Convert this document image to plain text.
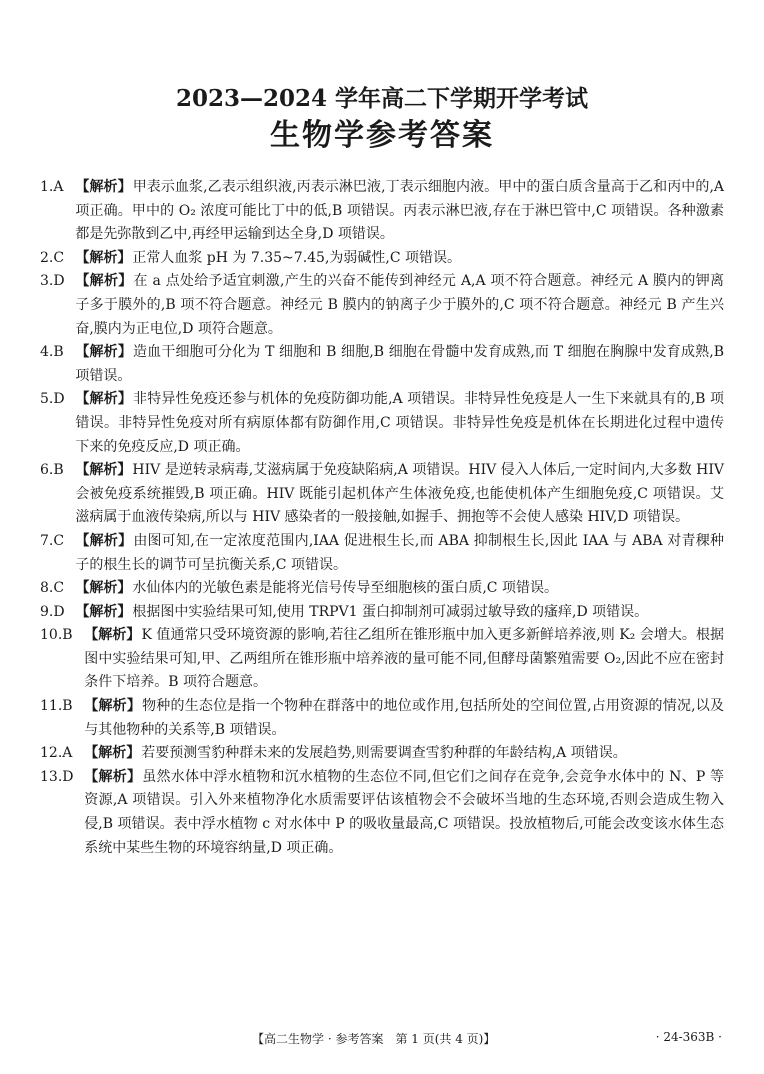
2023—2024 学年高二下学期开学考试
生物学参考答案
1.A 【解析】甲表示血浆,乙表示组织液,丙表示淋巴液,丁表示细胞内液。甲中的蛋白质含量高于乙和丙中的,A 项正确。甲中的 O₂ 浓度可能比丁中的低,B 项错误。丙表示淋巴液,存在于淋巴管中,C 项错误。各种激素都是先弥散到乙中,再经甲运输到达全身,D 项错误。
2.C 【解析】正常人血浆 pH 为 7.35~7.45,为弱碱性,C 项错误。
3.D 【解析】在 a 点处给予适宜刺激,产生的兴奋不能传到神经元 A,A 项不符合题意。神经元 A 膜内的钾离子多于膜外的,B 项不符合题意。神经元 B 膜内的钠离子少于膜外的,C 项不符合题意。神经元 B 产生兴奋,膜内为正电位,D 项符合题意。
4.B 【解析】造血干细胞可分化为 T 细胞和 B 细胞,B 细胞在骨髓中发育成熟,而 T 细胞在胸腺中发育成熟,B 项错误。
5.D 【解析】非特异性免疫还参与机体的免疫防御功能,A 项错误。非特异性免疫是人一生下来就具有的,B 项错误。非特异性免疫对所有病原体都有防御作用,C 项错误。非特异性免疫是机体在长期进化过程中遗传下来的免疫反应,D 项正确。
6.B 【解析】HIV 是逆转录病毒,艾滋病属于免疫缺陷病,A 项错误。HIV 侵入人体后,一定时间内,大多数 HIV 会被免疫系统摧毁,B 项正确。HIV 既能引起机体产生体液免疫,也能使机体产生细胞免疫,C 项错误。艾滋病属于血液传染病,所以与 HIV 感染者的一般接触,如握手、拥抱等不会使人感染 HIV,D 项错误。
7.C 【解析】由图可知,在一定浓度范围内,IAA 促进根生长,而 ABA 抑制根生长,因此 IAA 与 ABA 对青稞种子的根生长的调节可呈抗衡关系,C 项错误。
8.C 【解析】水仙体内的光敏色素是能将光信号传导至细胞核的蛋白质,C 项错误。
9.D 【解析】根据图中实验结果可知,使用 TRPV1 蛋白抑制剂可减弱过敏导致的瘙痒,D 项错误。
10.B 【解析】K 值通常只受环境资源的影响,若往乙组所在锥形瓶中加入更多新鲜培养液,则 K₂ 会增大。根据图中实验结果可知,甲、乙两组所在锥形瓶中培养液的量可能不同,但酵母菌繁殖需要 O₂,因此不应在密封条件下培养。B 项符合题意。
11.B 【解析】物种的生态位是指一个物种在群落中的地位或作用,包括所处的空间位置,占用资源的情况,以及与其他物种的关系等,B 项错误。
12.A 【解析】若要预测雪豹种群未来的发展趋势,则需要调查雪豹种群的年龄结构,A 项错误。
13.D 【解析】虽然水体中浮水植物和沉水植物的生态位不同,但它们之间存在竞争,会竞争水体中的 N、P 等资源,A 项错误。引入外来植物净化水质需要评估该植物会不会破坏当地的生态环境,否则会造成生物入侵,B 项错误。表中浮水植物 c 对水体中 P 的吸收量最高,C 项错误。投放植物后,可能会改变该水体生态系统中某些生物的环境容纳量,D 项正确。
【高二生物学 · 参考答案　第 1 页(共 4 页)】	· 24-363B ·
